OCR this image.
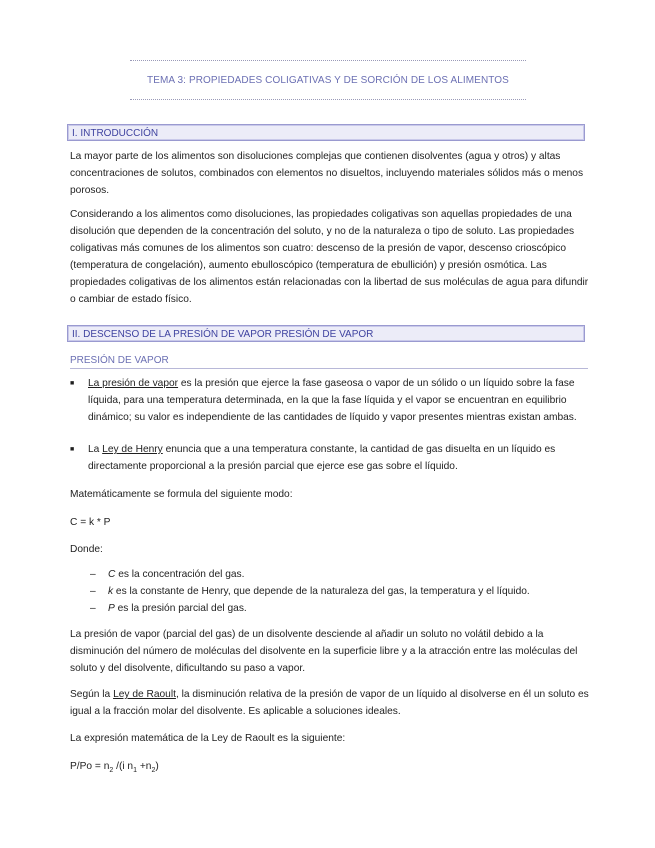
TEMA 3: PROPIEDADES COLIGATIVAS Y DE SORCIÓN DE LOS ALIMENTOS
I. INTRODUCCIÓN
La mayor parte de los alimentos son disoluciones complejas que contienen disolventes (agua y otros) y altas concentraciones de solutos, combinados con elementos no disueltos, incluyendo materiales sólidos más o menos porosos.
Considerando a los alimentos como disoluciones, las propiedades coligativas son aquellas propiedades de una disolución que dependen de la concentración del soluto, y no de la naturaleza o tipo de soluto. Las propiedades coligativas más comunes de los alimentos son cuatro: descenso de la presión de vapor, descenso crioscópico (temperatura de congelación), aumento ebulloscópico (temperatura de ebullición) y presión osmótica. Las propiedades coligativas de los alimentos están relacionadas con la libertad de sus moléculas de agua para difundir o cambiar de estado físico.
II. DESCENSO DE LA PRESIÓN DE VAPOR PRESIÓN DE VAPOR
PRESIÓN DE VAPOR
■	La presión de vapor es la presión que ejerce la fase gaseosa o vapor de un sólido o un líquido sobre la fase líquida, para una temperatura determinada, en la que la fase líquida y el vapor se encuentran en equilibrio dinámico; su valor es independiente de las cantidades de líquido y vapor presentes mientras existan ambas.
■	La Ley de Henry enuncia que a una temperatura constante, la cantidad de gas disuelta en un líquido es directamente proporcional a la presión parcial que ejerce ese gas sobre el líquido.
Matemáticamente se formula del siguiente modo:
C = k * P
Donde:
–	C es la concentración del gas.
–	k es la constante de Henry, que depende de la naturaleza del gas, la temperatura y el líquido.
–	P es la presión parcial del gas.
La presión de vapor (parcial del gas) de un disolvente desciende al añadir un soluto no volátil debido a la disminución del número de moléculas del disolvente en la superficie libre y a la atracción entre las moléculas del soluto y del disolvente, dificultando su paso a vapor.
Según la Ley de Raoult, la disminución relativa de la presión de vapor de un líquido al disolverse en él un soluto es igual a la fracción molar del disolvente. Es aplicable a soluciones ideales.
La expresión matemática de la Ley de Raoult es la siguiente:
$P/Po = n_2$ /(i $n_1 +n_2$)
